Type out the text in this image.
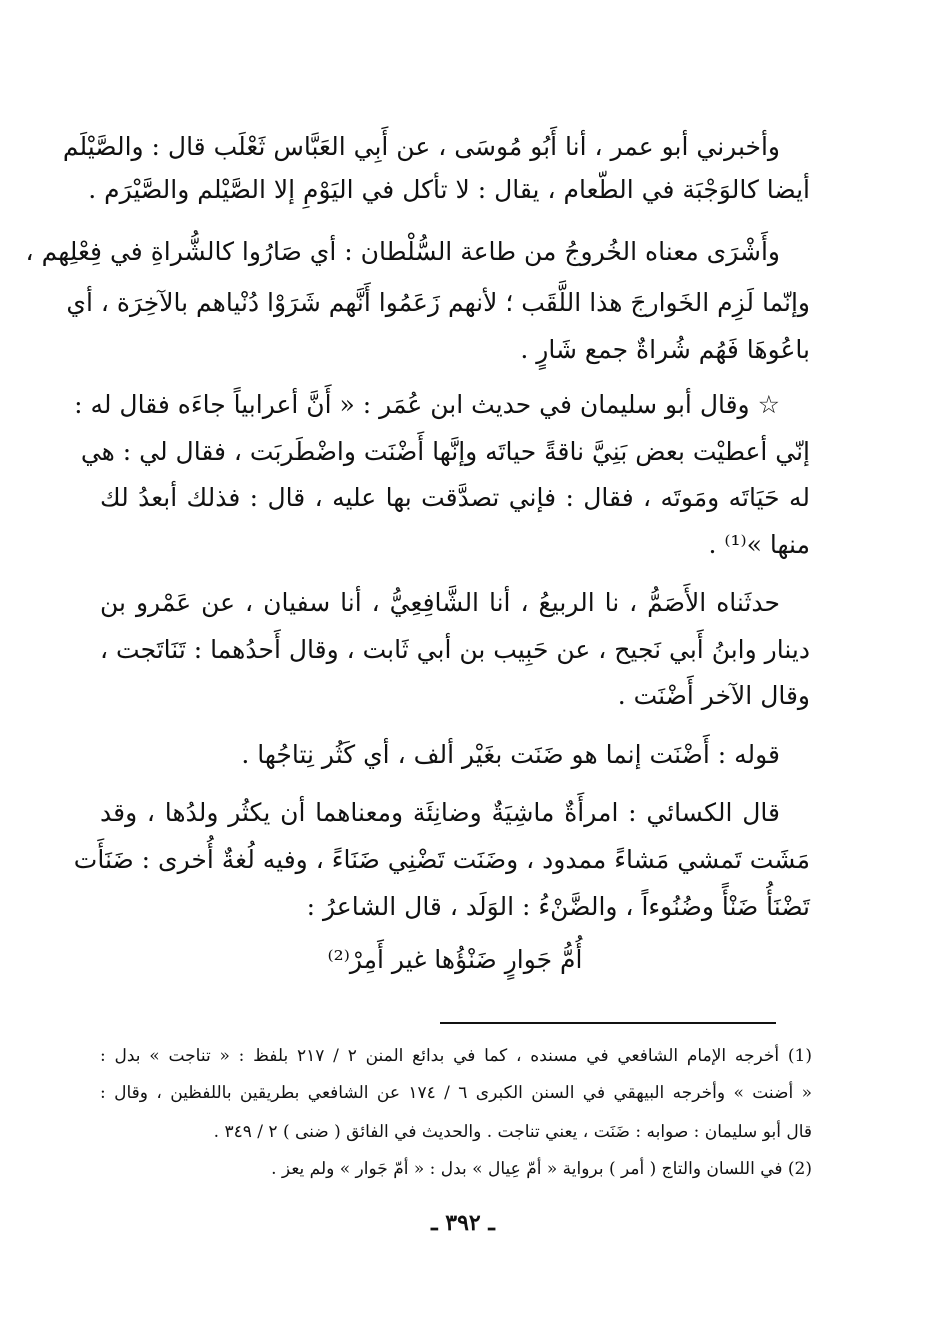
وأخبرني أبو عمر ، أنا أَبُو مُوسَى ، عن أَبِي العَبَّاس ثَعْلَب قال : والصَّيْلَم
أيضا كالوَجْبَة في الطّعام ، يقال : لا تأكل في اليَوْمِ إلا الصَّيْلم والصَّيْرَم .
وأَشْرَى معناه الخُروجُ من طاعة السُّلْطان : أي صَارُوا كالشُّراةِ في فِعْلِهم ،
وإنّما لَزِم الخَوارجَ هذا اللَّقَب ؛ لأنهم زَعَمُوا أَنَّهم شَرَوْا دُنْياهم بالآخِرَة ، أي
باعُوهَا فَهُم شُراةٌ جمع شَارٍ .
☆ وقال أبو سليمان في حديث ابن عُمَر : « أَنَّ أعرابياً جاءَه فقال له :
إنّي أعطيْت بعض بَنِيَّ ناقةً حياتَه وإنَّها أَضْنَت واضْطَربَت ، فقال لي : هي
له حَيَاتَه ومَوتَه ، فقال : فإني تصدَّقت بها عليه ، قال : فذلك أبعدُ لك
منها »⁽¹⁾ .
حدثَناه الأَصَمُّ ، نا الربيعُ ، أنا الشَّافِعِيُّ ، أنا سفيان ، عن عَمْرو بن
دينار وابنُ أَبي نَجيح ، عن حَبِيب بن أبي ثَابت ، وقال أَحدُهما : تَنَاتَجت ،
وقال الآخر أَضْنَت .
قوله : أَضْنَت إنما هو ضَنَت بغَيْر ألف ، أي كَثُر نِتاجُها .
قال الكسائي : امرأَةٌ ماشِيَةٌ وضانِئَة ومعناهما أن يكثُر ولدُها ، وقد
مَشَت تَمشي مَشاءً ممدود ، وضَنَت تَضْنِي ضَنَاءً ، وفيه لُغةٌ أُخرى : ضَنَأَت
تَضْنَأُ ضَنْأً وضُنُوءاً ، والضَّنْءُ : الوَلَد ، قال الشاعرُ :
أُمُّ جَوارٍ ضَنْؤُها غير أَمِرْ⁽²⁾
(1) أخرجه الإمام الشافعي في مسنده ، كما في بدائع المنن ٢ / ٢١٧ بلفظ : « تناجت » بدل :
« أضنت » وأخرجه البيهقي في السنن الكبرى ٦ / ١٧٤ عن الشافعي بطريقين باللفظين ، وقال :
قال أبو سليمان : صوابه : ضَنَت ، يعني تناجت . والحديث في الفائق ( ضنى ) ٢ / ٣٤٩ .
(2) في اللسان والتاج ( أمر ) برواية « أمّ عِيال » بدل : « أمّ جَوار » ولم يعز .
ـ ٣٩٢ ـ
